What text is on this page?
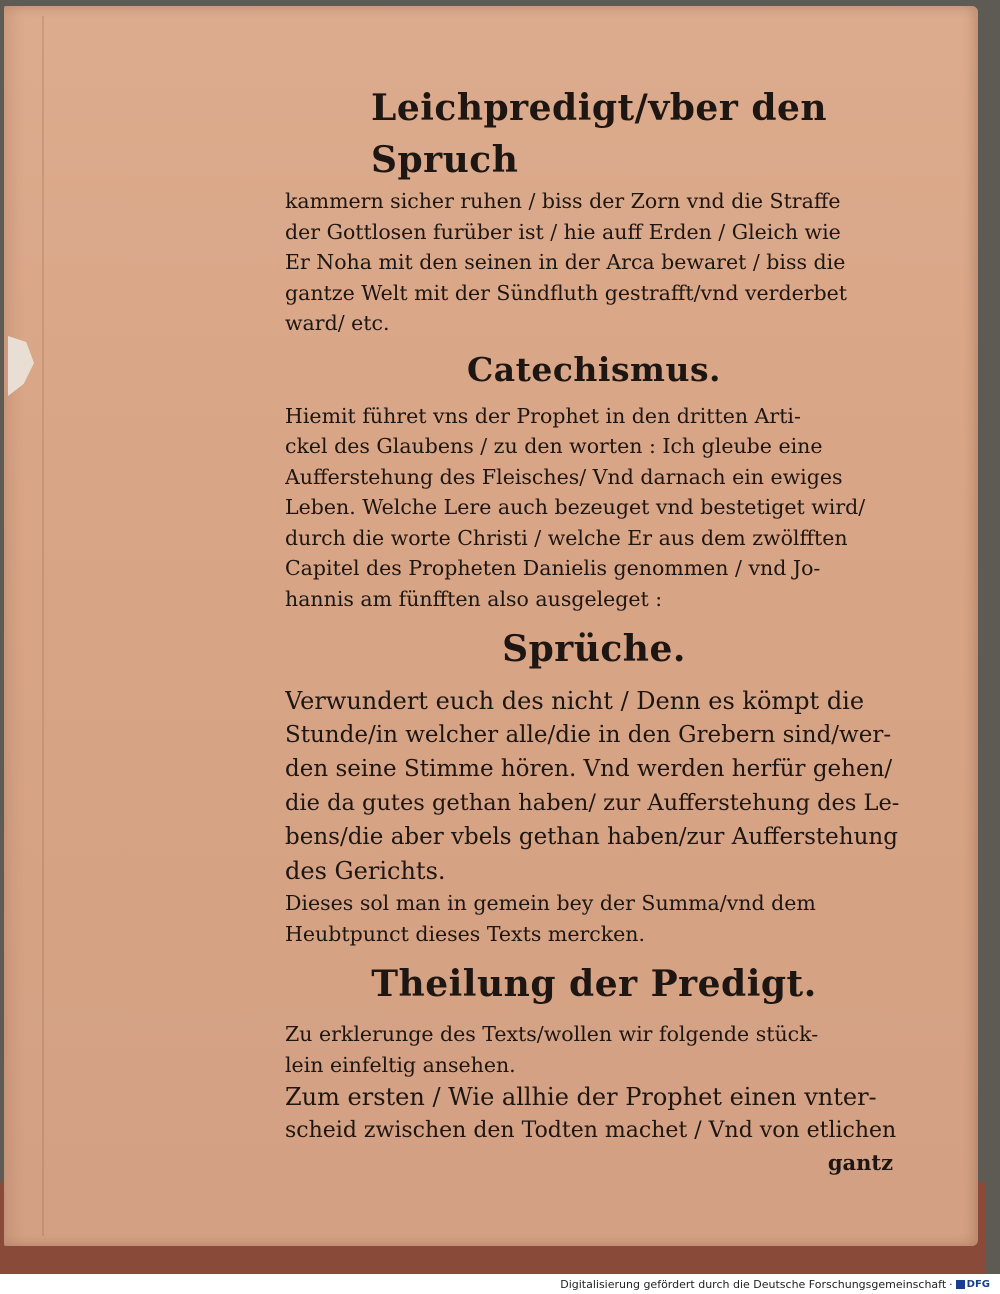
Leichpredigt/vber den Spruch

kammern sicher ruhen / biss der Zorn vnd die Straffe
der Gottlosen furüber ist / hie auff Erden / Gleich wie
Er Noha mit den seinen in der Arca bewaret / biss die
gantze Welt mit der Sündfluth gestrafft/vnd verderbet
ward/ etc.

Catechismus.

Hiemit führet vns der Prophet in den dritten Arti-
ckel des Glaubens / zu den worten : Ich gleube eine
Aufferstehung des Fleisches/ Vnd darnach ein ewiges
Leben. Welche Lere auch bezeuget vnd bestetiget wird/
durch die worte Christi / welche Er aus dem zwölfften
Capitel des Propheten Danielis genommen / vnd Jo-
hannis am fünfften also ausgeleget :

Sprüche.

Verwundert euch des nicht / Denn es kömpt die
Stunde/in welcher alle/die in den Grebern sind/wer-
den seine Stimme hören. Vnd werden herfür gehen/
die da gutes gethan haben/ zur Aufferstehung des Le-
bens/die aber vbels gethan haben/zur Aufferstehung
des Gerichts.

Dieses sol man in gemein bey der Summa/vnd dem
Heubtpunct dieses Texts mercken.

Theilung der Predigt.

Zu erklerunge des Texts/wollen wir folgende stück-
lein einfeltig ansehen.

Zum ersten / Wie allhie der Prophet einen vnter-
scheid zwischen den Todten machet / Vnd von etlichen

gantz
Digitalisierung gefördert durch die Deutsche Forschungsgemeinschaft · DFG
